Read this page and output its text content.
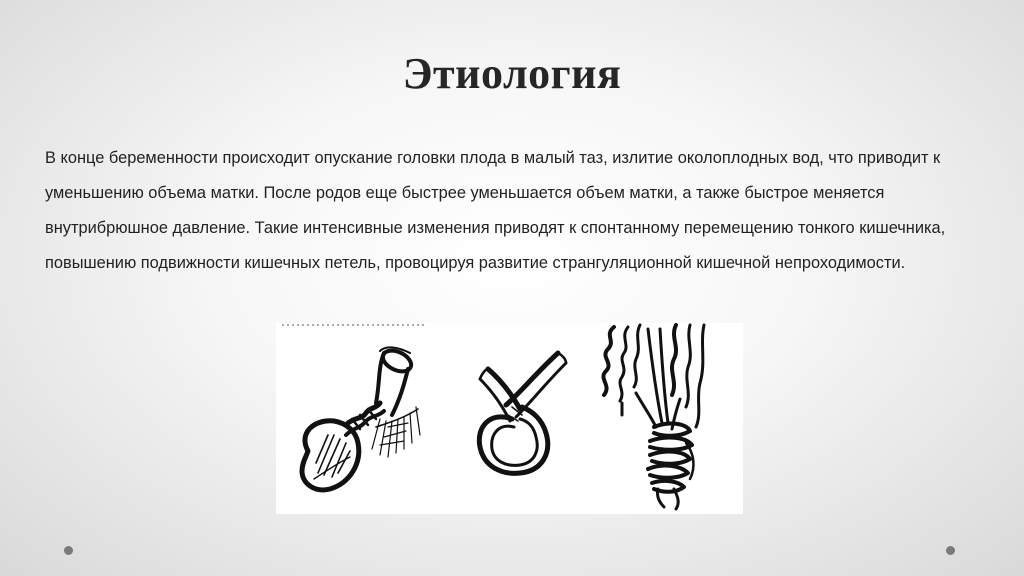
Этиология

В конце беременности происходит опускание головки плода в малый таз, излитие околоплодных вод, что приводит к уменьшению объема матки. После родов еще быстрее уменьшается объем матки, а также быстрое меняется внутрибрюшное давление. Такие интенсивные изменения приводят к спонтанному перемещению тонкого кишечника, повышению подвижности кишечных петель, провоцируя развитие странгуляционной кишечной непроходимости.
